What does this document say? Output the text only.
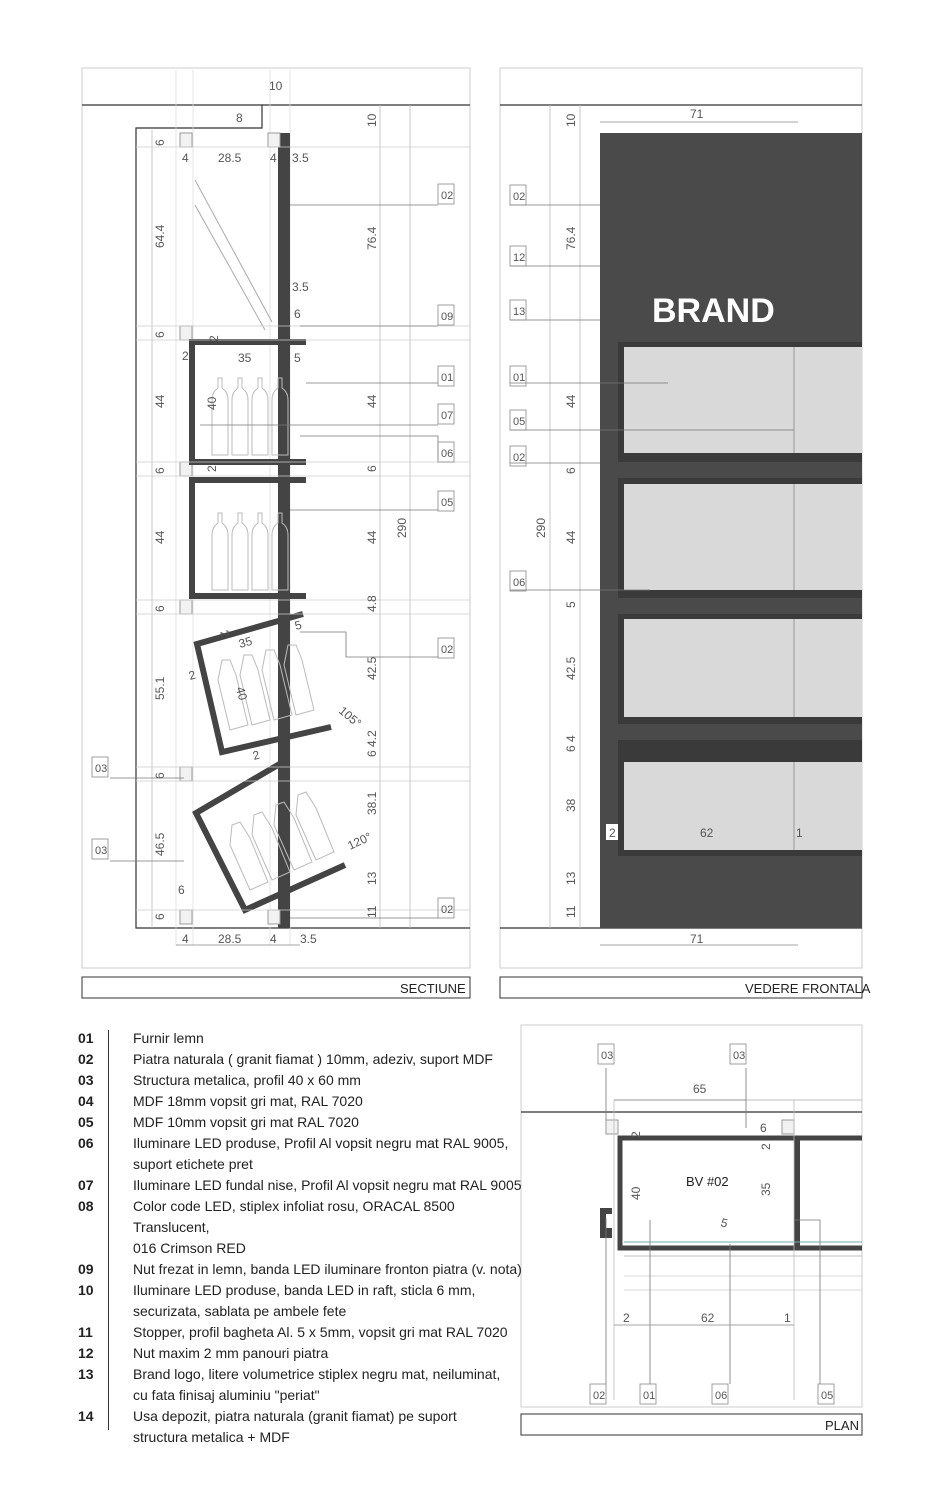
02
09
01
07
06
05
02
03
03
02
10
8	10
76.4
44
6
44 290
4.8
42.5
6 4.2
38.1
13
11
6
64.4
6
44
6
44
6
55.1
6
46.5
6
6
4 28.5 4 3.5
3.5
6
2
2	35	5
40
2
2
35
5
2
40
2
105°
120°
4 28.5 4 3.5
SECTIUNE
BRAND
02
12
13
01
05
02
06
71
10
76.4
44
6
290 44
5
42.5
6 4
38
13
11
2	62	1
71
VEDERE FRONTALA
03	03
02	01	06	05
65
2	6
2
40	35
5
BV #02
2	62	1
PLAN
01	Furnir lemn
02	Piatra naturala ( granit fiamat ) 10mm, adeziv, suport MDF
03	Structura metalica, profil 40 x 60 mm
04	MDF 18mm vopsit gri mat, RAL 7020
05	MDF 10mm vopsit gri mat RAL 7020
06	Iluminare LED produse, Profil Al vopsit negru mat RAL 9005,
suport etichete pret
07	Iluminare LED fundal nise, Profil Al vopsit negru mat RAL 9005
08	Color code LED, stiplex infoliat rosu, ORACAL 8500 Translucent,
016 Crimson RED
09	Nut frezat in lemn, banda LED iluminare fronton piatra (v. nota)
10	Iluminare LED produse, banda LED in raft, sticla 6 mm,
securizata, sablata pe ambele fete
11	Stopper, profil bagheta Al. 5 x 5mm, vopsit gri mat RAL 7020
12	Nut maxim 2 mm panouri piatra
13	Brand logo, litere volumetrice stiplex negru mat, neiluminat,
cu fata finisaj aluminiu "periat"
14	Usa depozit, piatra naturala (granit fiamat) pe suport
structura metalica + MDF
